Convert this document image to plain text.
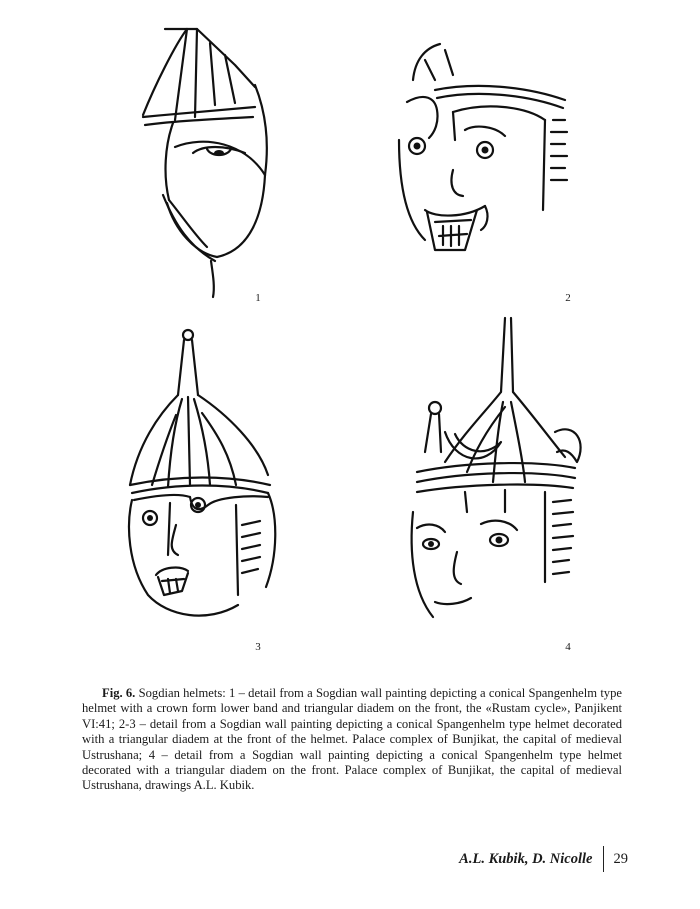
1	2
3	4
Fig. 6. Sogdian helmets: 1 – detail from a Sogdian wall painting depicting a conical Spangenhelm type helmet with a crown form lower band and triangular diadem on the front, the «Rustam cycle», Panjikent VI:41; 2-3 – detail from a Sogdian wall painting depicting a conical Spangenhelm type helmet decorated with a triangular diadem at the front of the helmet. Palace complex of Bunjikat, the capital of medieval Ustrushana; 4 – detail from a Sogdian wall painting depicting a conical Spangenhelm type helmet decorated with a triangular diadem on the front. Palace complex of Bunjikat, the capital of medieval Ustrushana, drawings A.L. Kubik.
A.L. Kubik, D. Nicolle 29
